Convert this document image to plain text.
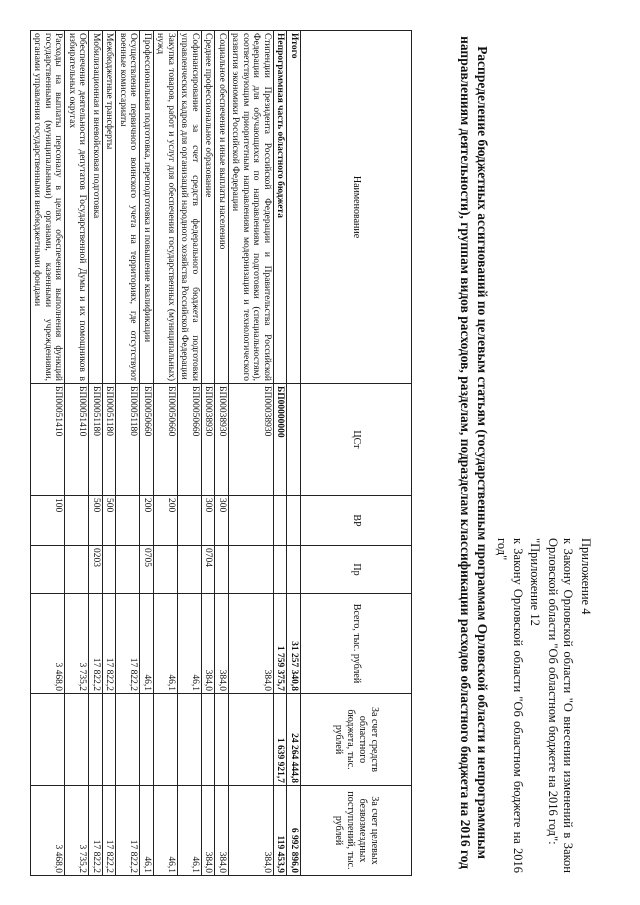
Приложение 4

к Закону Орловской области "О внесении изменений в Закон Орловской области "Об областном бюджете на 2016 год":

"Приложение 12

к Закону Орловской области "Об областном бюджете на 2016 год"

Распределение бюджетных ассигнований по целевым статьям (государственным программам Орловской области и непрограммным направлениям деятельности), группам видов расходов, разделам, подразделам классификации расходов областного бюджета на 2016 год
Наименование	ЦСт	ВР	Пр	Всего, тыс. рублей	За счет средств областного бюджета, тыс. рублей	За счет целевых безвозмездных поступлений, тыс. рублей
Итого				31 257 340,8	24 264 444,8	6 992 896,0
Непрограммная часть областного бюджета	БП00000000			1 759 375,7	1 639 921,7	119 453,9
Стипендии Президента Российской Федерации и Правительства Российской Федерации для обучающихся по направлениям подготовки (специальностям), соответствующим приоритетным направлениям модернизации и технологического развития экономики Российской Федерации	БП00038930			384,0		384,0
Социальное обеспечение и иные выплаты населению	БП00038930	300		384,0		384,0
Среднее профессиональное образование	БП00038930	300	0704	384,0		384,0
Софинансирование за счет средств федерального бюджета подготовки управленческих кадров для организаций народного хозяйства Российской Федерации	БП00050660			46,1		46,1
Закупка товаров, работ и услуг для обеспечения государственных (муниципальных) нужд	БП00050660	200		46,1		46,1
Профессиональная подготовка, переподготовка и повышение квалификации	БП00050660	200	0705	46,1		46,1
Осуществление первичного воинского учета на территориях, где отсутствуют военные комиссариаты	БП00051180			17 822,2		17 822,2
Межбюджетные трансферты	БП00051180	500		17 822,2		17 822,2
Мобилизационная и вневойсковая подготовка	БП00051180	500	0203	17 822,2		17 822,2
Обеспечение деятельности депутатов Государственной Думы и их помощников в избирательных округах	БП00051410			3 735,2		3 735,2
Расходы на выплаты персоналу в целях обеспечения выполнения функций государственными (муниципальными) органами, казенными учреждениями, органами управления государственными внебюджетными фондами	БП00051410	100		3 468,0		3 468,0
